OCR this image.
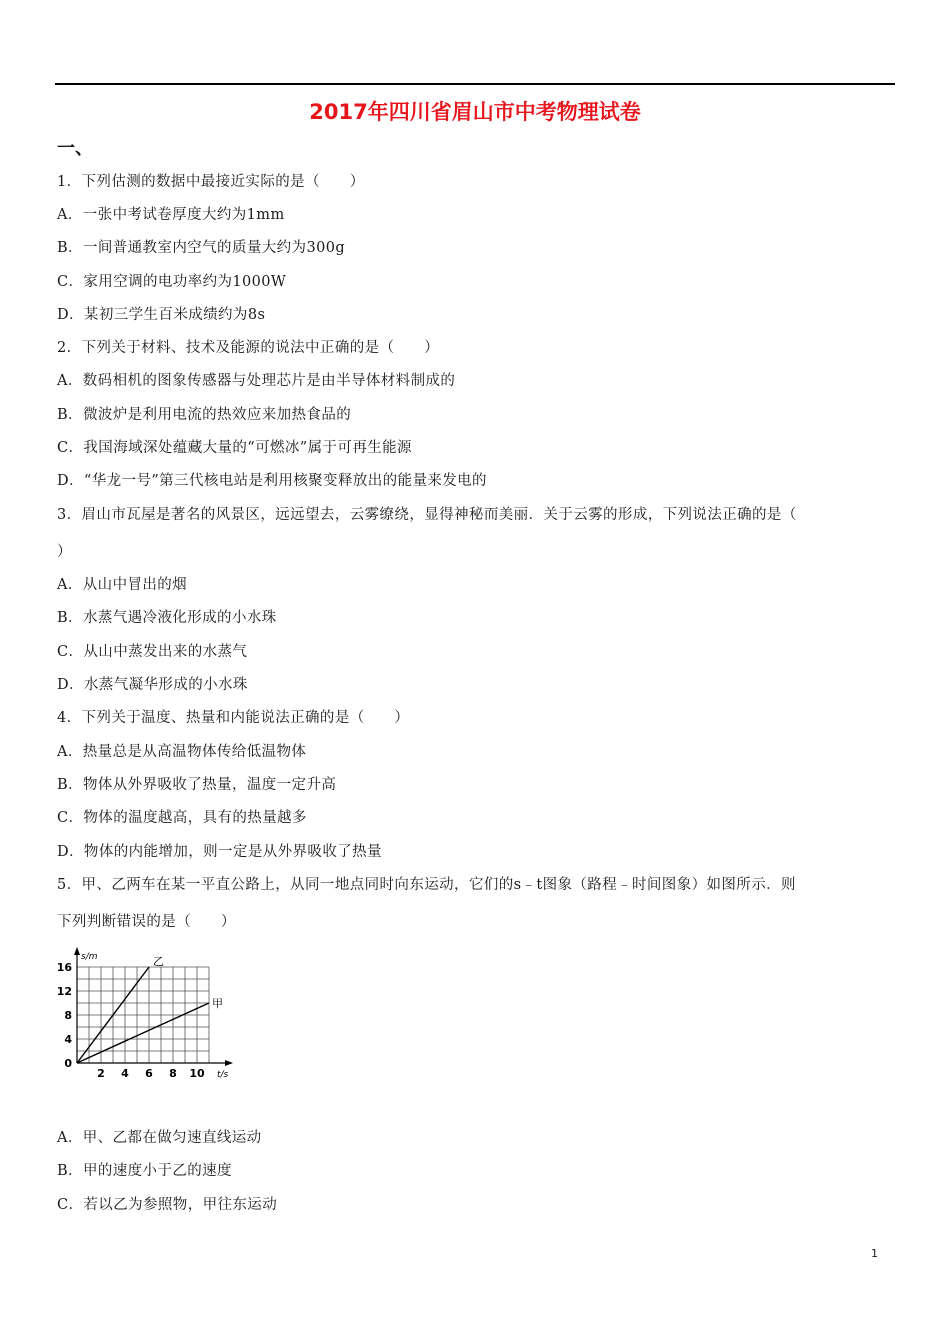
2017年四川省眉山市中考物理试卷
一、
1．下列估测的数据中最接近实际的是（　　）
A．一张中考试卷厚度大约为1mm
B．一间普通教室内空气的质量大约为300g
C．家用空调的电功率约为1000W
D．某初三学生百米成绩约为8s
2．下列关于材料、技术及能源的说法中正确的是（　　）
A．数码相机的图象传感器与处理芯片是由半导体材料制成的
B．微波炉是利用电流的热效应来加热食品的
C．我国海域深处蕴藏大量的“可燃冰”属于可再生能源
D．“华龙一号”第三代核电站是利用核聚变释放出的能量来发电的
3．眉山市瓦屋是著名的风景区，远远望去，云雾缭绕，显得神秘而美丽．关于云雾的形成，下列说法正确的是（
）
A．从山中冒出的烟
B．水蒸气遇冷液化形成的小水珠
C．从山中蒸发出来的水蒸气
D．水蒸气凝华形成的小水珠
4．下列关于温度、热量和内能说法正确的是（　　）
A．热量总是从高温物体传给低温物体
B．物体从外界吸收了热量，温度一定升高
C．物体的温度越高，具有的热量越多
D．物体的内能增加，则一定是从外界吸收了热量
5．甲、乙两车在某一平直公路上，从同一地点同时向东运动，它们的s﹣t图象（路程﹣时间图象）如图所示．则
下列判断错误的是（　　）
2 4 6 8 10
0
4
8
12
16
s/m
t/s
乙
甲
A．甲、乙都在做匀速直线运动
B．甲的速度小于乙的速度
C．若以乙为参照物，甲往东运动
1
